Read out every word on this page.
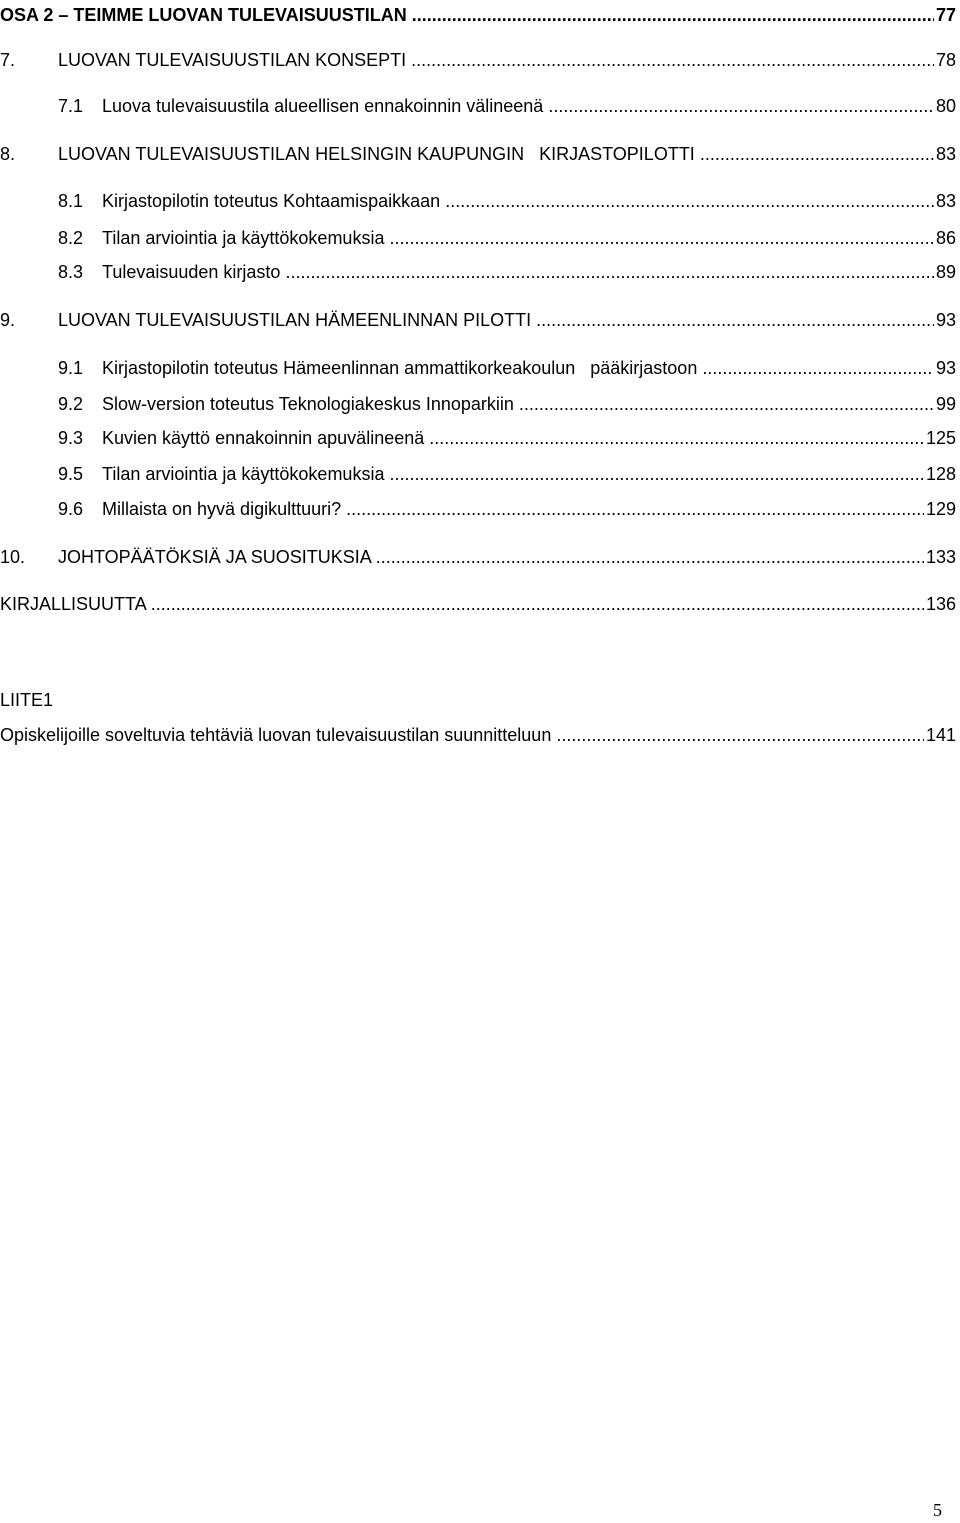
OSA 2 – TEIMME LUOVAN TULEVAISUUSTILAN .....	77
7. LUOVAN TULEVAISUUSTILAN KONSEPTI .....	78
7.1 Luova tulevaisuustila alueellisen ennakoinnin välineenä .....	80
8. LUOVAN TULEVAISUUSTILAN HELSINGIN KAUPUNGIN   KIRJASTOPILOTTI .....	83
8.1 Kirjastopilotin toteutus Kohtaamispaikkaan .....	83
8.2 Tilan arviointia ja käyttökokemuksia .....	86
8.3 Tulevaisuuden kirjasto .....	89
9. LUOVAN TULEVAISUUSTILAN HÄMEENLINNAN PILOTTI .....	93
9.1 Kirjastopilotin toteutus Hämeenlinnan ammattikorkeakoulun   pääkirjastoon .....	93
9.2 Slow-version toteutus Teknologiakeskus Innoparkiin .....	99
9.3 Kuvien käyttö ennakoinnin apuvälineenä .....	125
9.5 Tilan arviointia ja käyttökokemuksia .....	128
9.6 Millaista on hyvä digikulttuuri? .....	129
10. JOHTOPÄÄTÖKSIÄ JA SUOSITUKSIA .....	133
KIRJALLISUUTTA .....	136
LIITE1
Opiskelijoille soveltuvia tehtäviä luovan tulevaisuustilan suunnitteluun .....	141
5
